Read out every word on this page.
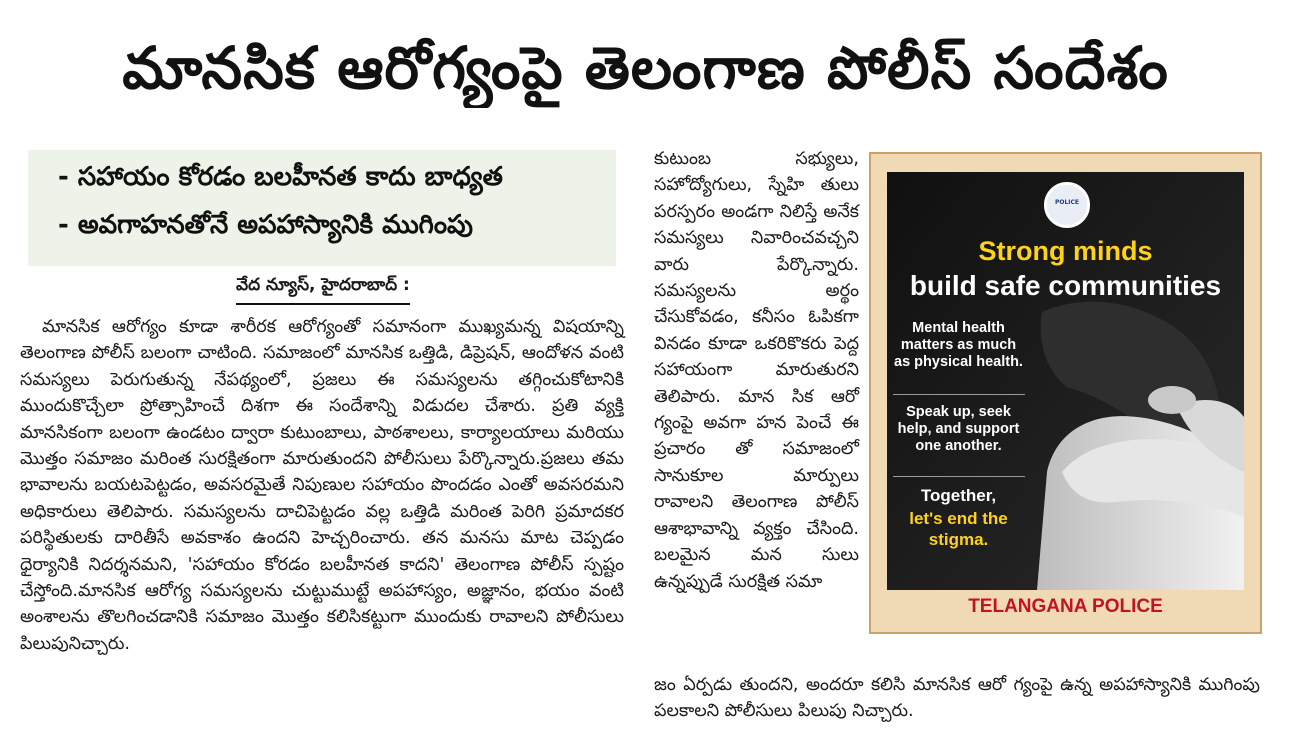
మానసిక ఆరోగ్యంపై తెలంగాణ పోలీస్ సందేశం
- సహాయం కోరడం బలహీనత కాదు బాధ్యత
- అవగాహనతోనే అపహాస్యానికి ముగింపు
వేద న్యూస్, హైదరాబాద్ :

మానసిక ఆరోగ్యం కూడా శారీరక ఆరోగ్యంతో సమానంగా ముఖ్యమన్న విషయాన్ని తెలంగాణ పోలీస్ బలంగా చాటింది. సమాజంలో మానసిక ఒత్తిడి, డిప్రెషన్, ఆందోళన వంటి సమస్యలు పెరుగుతున్న నేపథ్యంలో, ప్రజలు ఈ సమస్యలను తగ్గించుకోటానికి ముందుకొచ్చేలా ప్రోత్సాహించే దిశగా ఈ సందేశాన్ని విడుదల చేశారు. ప్రతి వ్యక్తి మానసికంగా బలంగా ఉండటం ద్వారా కుటుంబాలు, పాఠశాలలు, కార్యాలయాలు మరియు మొత్తం సమాజం మరింత సురక్షితంగా మారుతుందని పోలీసులు పేర్కొన్నారు.ప్రజలు తమ భావాలను బయటపెట్టడం, అవసరమైతే నిపుణుల సహాయం పొందడం ఎంతో అవసరమని అధికారులు తెలిపారు. సమస్యలను దాచిపెట్టడం వల్ల ఒత్తిడి మరింత పెరిగి ప్రమాదకర పరిస్థితులకు దారితీసే అవకాశం ఉందని హెచ్చరించారు. తన మనసు మాట చెప్పడం ధైర్యానికి నిదర్శనమని, 'సహాయం కోరడం బలహీనత కాదని' తెలంగాణ పోలీస్ స్పష్టం చేస్తోంది.మానసిక ఆరోగ్య సమస్యలను చుట్టుముట్టే అపహాస్యం, అజ్ఞానం, భయం వంటి అంశాలను తొలగించడానికి సమాజం మొత్తం కలిసికట్టుగా ముందుకు రావాలని పోలీసులు పిలుపునిచ్చారు.

కుటుంబ సభ్యులు, సహోద్యోగులు, స్నేహి తులు పరస్పరం అండగా నిలిస్తే అనేక సమస్యలు నివారించవచ్చని వారు పేర్కొన్నారు. సమస్యలను అర్థం చేసుకోవడం, కనీసం ఓపికగా వినడం కూడా ఒకరికొకరు పెద్ద సహాయంగా మారుతురని తెలిపారు. మాన సిక ఆరో గ్యంపై అవగా హన పెంచే ఈ ప్రచారం తో సమాజంలో సానుకూల మార్పులు రావాలని తెలంగాణ పోలీస్ ఆశాభావాన్ని వ్యక్తం చేసింది. బలమైన మన సులు ఉన్నప్పుడే సురక్షిత సమా

జం ఏర్పడు తుందని, అందరూ కలిసి మానసిక ఆరో గ్యంపై ఉన్న అపహాస్యానికి ముగింపు పలకాలని పోలీసులు పిలుపు నిచ్చారు.

POLICE
Strong minds
build safe communities
Mental health matters as much as physical health.
Speak up, seek help, and support one another.
Together,
let's end the stigma.
TELANGANA POLICE
